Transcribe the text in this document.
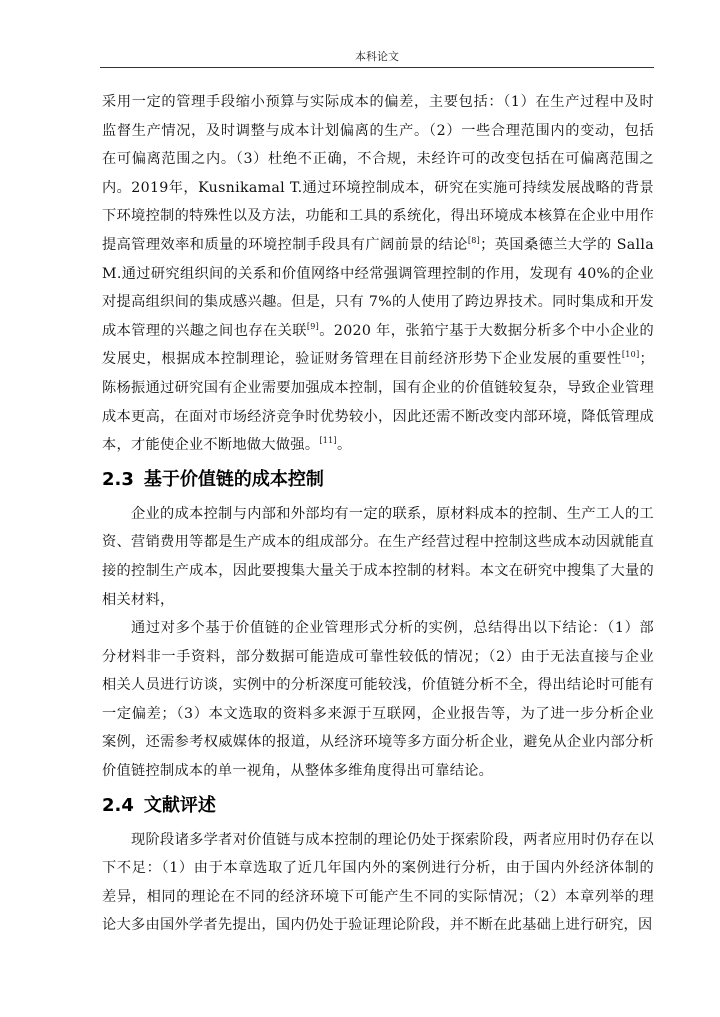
本科论文

采用一定的管理手段缩小预算与实际成本的偏差，主要包括：（1）在生产过程中及时监督生产情况，及时调整与成本计划偏离的生产。（2）一些合理范围内的变动，包括在可偏离范围之内。（3）杜绝不正确，不合规，未经许可的改变包括在可偏离范围之内。2019年，Kusnikamal T.通过环境控制成本，研究在实施可持续发展战略的背景下环境控制的特殊性以及方法，功能和工具的系统化，得出环境成本核算在企业中用作提高管理效率和质量的环境控制手段具有广阔前景的结论[8]；英国桑德兰大学的 Salla M.通过研究组织间的关系和价值网络中经常强调管理控制的作用，发现有 40%的企业对提高组织间的集成感兴趣。但是，只有 7%的人使用了跨边界技术。同时集成和开发成本管理的兴趣之间也存在关联[9]。2020 年，张筘宁基于大数据分析多个中小企业的发展史，根据成本控制理论，验证财务管理在目前经济形势下企业发展的重要性[10]；陈杨振通过研究国有企业需要加强成本控制，国有企业的价值链较复杂，导致企业管理成本更高，在面对市场经济竞争时优势较小，因此还需不断改变内部环境，降低管理成本，才能使企业不断地做大做强。[11]。

2.3 基于价值链的成本控制

企业的成本控制与内部和外部均有一定的联系，原材料成本的控制、生产工人的工资、营销费用等都是生产成本的组成部分。在生产经营过程中控制这些成本动因就能直接的控制生产成本，因此要搜集大量关于成本控制的材料。本文在研究中搜集了大量的相关材料，

通过对多个基于价值链的企业管理形式分析的实例，总结得出以下结论：（1）部分材料非一手资料，部分数据可能造成可靠性较低的情况；（2）由于无法直接与企业相关人员进行访谈，实例中的分析深度可能较浅，价值链分析不全，得出结论时可能有一定偏差；（3）本文选取的资料多来源于互联网，企业报告等，为了进一步分析企业案例，还需参考权威媒体的报道，从经济环境等多方面分析企业，避免从企业内部分析价值链控制成本的单一视角，从整体多维角度得出可靠结论。

2.4 文献评述

现阶段诸多学者对价值链与成本控制的理论仍处于探索阶段，两者应用时仍存在以下不足：（1）由于本章选取了近几年国内外的案例进行分析，由于国内外经济体制的差异，相同的理论在不同的经济环境下可能产生不同的实际情况；（2）本章列举的理论大多由国外学者先提出，国内仍处于验证理论阶段，并不断在此基础上进行研究，因
